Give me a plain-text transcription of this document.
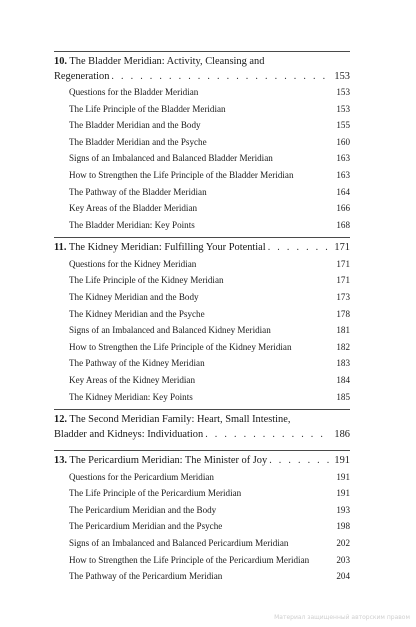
10. The Bladder Meridian: Activity, Cleansing and
Regeneration . . .	153
Questions for the Bladder Meridian	153
The Life Principle of the Bladder Meridian	153
The Bladder Meridian and the Body	155
The Bladder Meridian and the Psyche	160
Signs of an Imbalanced and Balanced Bladder Meridian	163
How to Strengthen the Life Principle of the Bladder Meridian	163
The Pathway of the Bladder Meridian	164
Key Areas of the Bladder Meridian	166
The Bladder Meridian: Key Points	168
11. The Kidney Meridian: Fulfilling Your Potential . . .	171
Questions for the Kidney Meridian	171
The Life Principle of the Kidney Meridian	171
The Kidney Meridian and the Body	173
The Kidney Meridian and the Psyche	178
Signs of an Imbalanced and Balanced Kidney Meridian	181
How to Strengthen the Life Principle of the Kidney Meridian	182
The Pathway of the Kidney Meridian	183
Key Areas of the Kidney Meridian	184
The Kidney Meridian: Key Points	185
12. The Second Meridian Family: Heart, Small Intestine,
Bladder and Kidneys: Individuation . . .	186
13. The Pericardium Meridian: The Minister of Joy . . .	191
Questions for the Pericardium Meridian	191
The Life Principle of the Pericardium Meridian	191
The Pericardium Meridian and the Body	193
The Pericardium Meridian and the Psyche	198
Signs of an Imbalanced and Balanced Pericardium Meridian	202
How to Strengthen the Life Principle of the Pericardium Meridian	203
The Pathway of the Pericardium Meridian	204
Материал защищенный авторским правом
